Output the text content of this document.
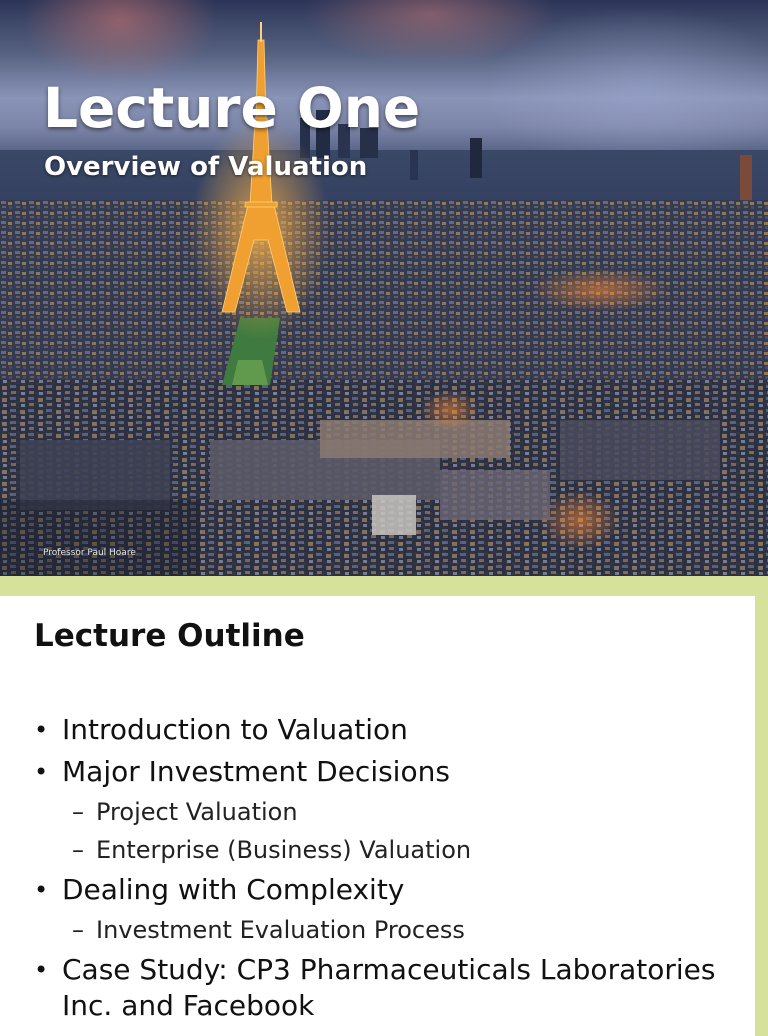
Lecture One
Overview of Valuation
Professor Paul Hoare
Lecture Outline
• Introduction to Valuation
• Major Investment Decisions
– Project Valuation
– Enterprise (Business) Valuation
• Dealing with Complexity
– Investment Evaluation Process
• Case Study: CP3 Pharmaceuticals Laboratories Inc. and Facebook
